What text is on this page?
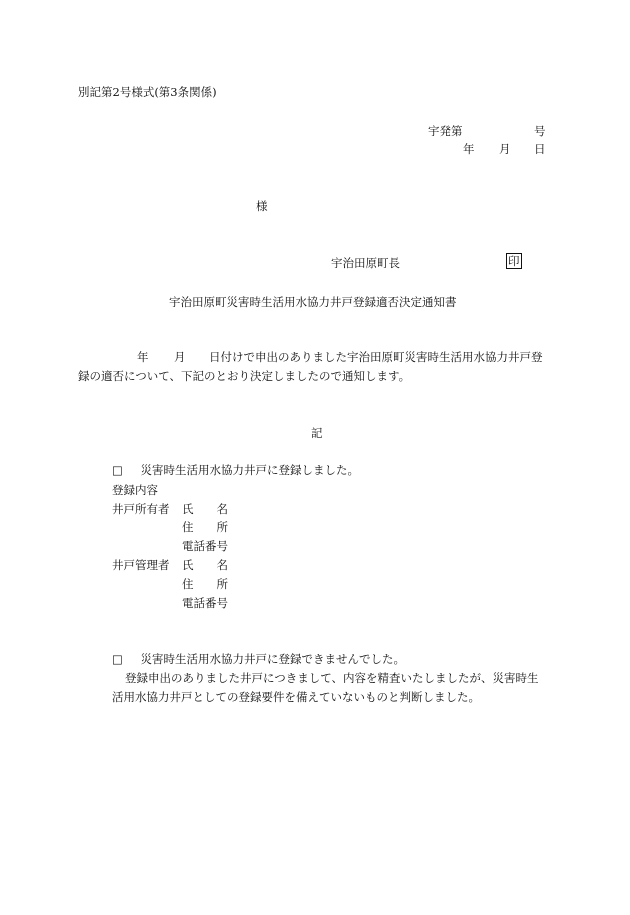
別記第2号様式(第3条関係)
宇発第	号
年 月 日
様
宇治田原町長	印
宇治田原町災害時生活用水協力井戸登録適否決定通知書
年 月 日付けで申出のありました宇治田原町災害時生活用水協力井戸登
録の適否について、下記のとおり決定しましたので通知します。
記
□ 災害時生活用水協力井戸に登録しました。
登録内容
井戸所有者 氏　　名
住　　所
電話番号
井戸管理者 氏　　名
住　　所
電話番号
□ 災害時生活用水協力井戸に登録できませんでした。
登録申出のありました井戸につきまして、内容を精査いたしましたが、災害時生
活用水協力井戸としての登録要件を備えていないものと判断しました。
